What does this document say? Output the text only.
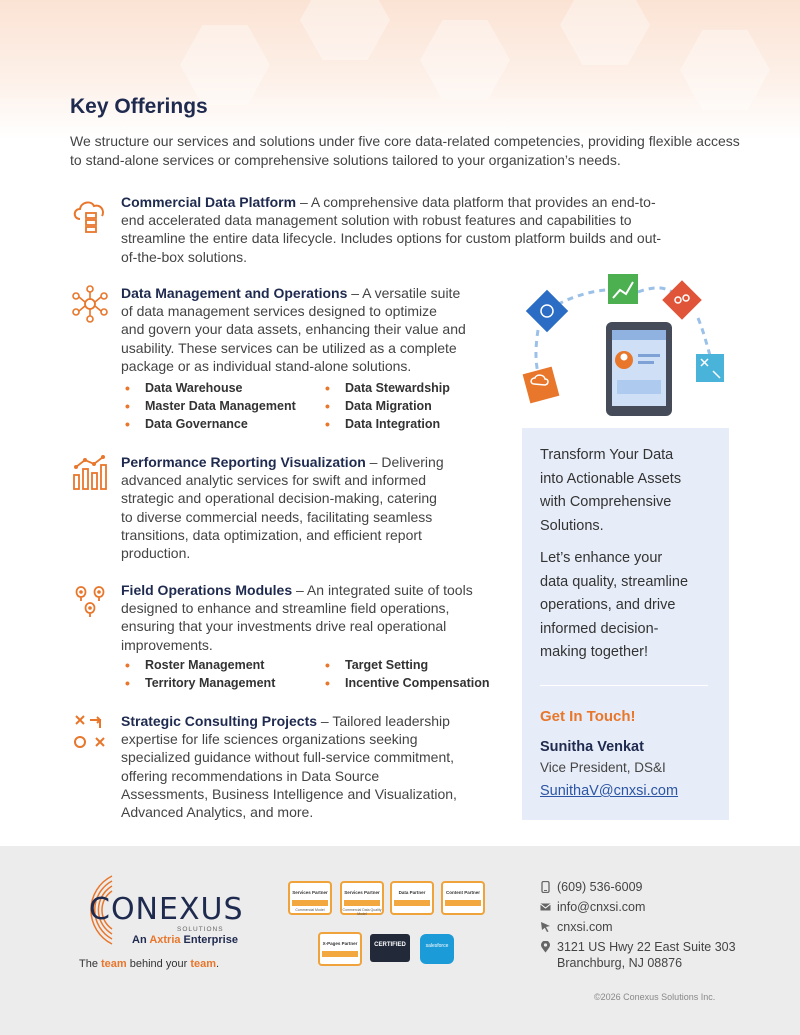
Key Offerings

We structure our services and solutions under five core data-related competencies, providing flexible access to stand-alone services or comprehensive solutions tailored to your organization’s needs.

Commercial Data Platform – A comprehensive data platform that provides an end-to-
end accelerated data management solution with robust features and capabilities to
streamline the entire data lifecycle. Includes options for custom platform builds and out-
of-the-box solutions.
Data Management and Operations – A versatile suite
of data management services designed to optimize
and govern your data assets, enhancing their value and
usability. These services can be utilized as a complete
package or as individual stand-alone solutions.
• Data Warehouse
• Master Data Management
• Data Governance
• Data Stewardship
• Data Migration
• Data Integration
Performance Reporting Visualization – Delivering
advanced analytic services for swift and informed
strategic and operational decision-making, catering
to diverse commercial needs, facilitating seamless
transitions, data optimization, and efficient report
production.
Field Operations Modules – An integrated suite of tools
designed to enhance and streamline field operations,
ensuring that your investments drive real operational
improvements.
• Roster Management
• Territory Management
• Target Setting
• Incentive Compensation
Strategic Consulting Projects – Tailored leadership
expertise for life sciences organizations seeking
specialized guidance without full-service commitment,
offering recommendations in Data Source
Assessments, Business Intelligence and Visualization,
Advanced Analytics, and more.
Transform Your Data
into Actionable Assets
with Comprehensive
Solutions.
Let’s enhance your
data quality, streamline
operations, and drive
informed decision-
making together!
Get In Touch!
Sunitha Venkat
Vice President, DS&I
SunithaV@cnxsi.com
CONEXUS
SOLUTIONS
An Axtria Enterprise
The team behind your team.
Services Partner
Commercial Model
Services Partner
Commercial Data Quality Model
Data Partner	Content Partner
X-Pages Partner	CERTIFIED	salesforce
(609) 536-6009
info@cnxsi.com
cnxsi.com
3121 US Hwy 22 East Suite 303
Branchburg, NJ 08876
©2026 Conexus Solutions Inc.
